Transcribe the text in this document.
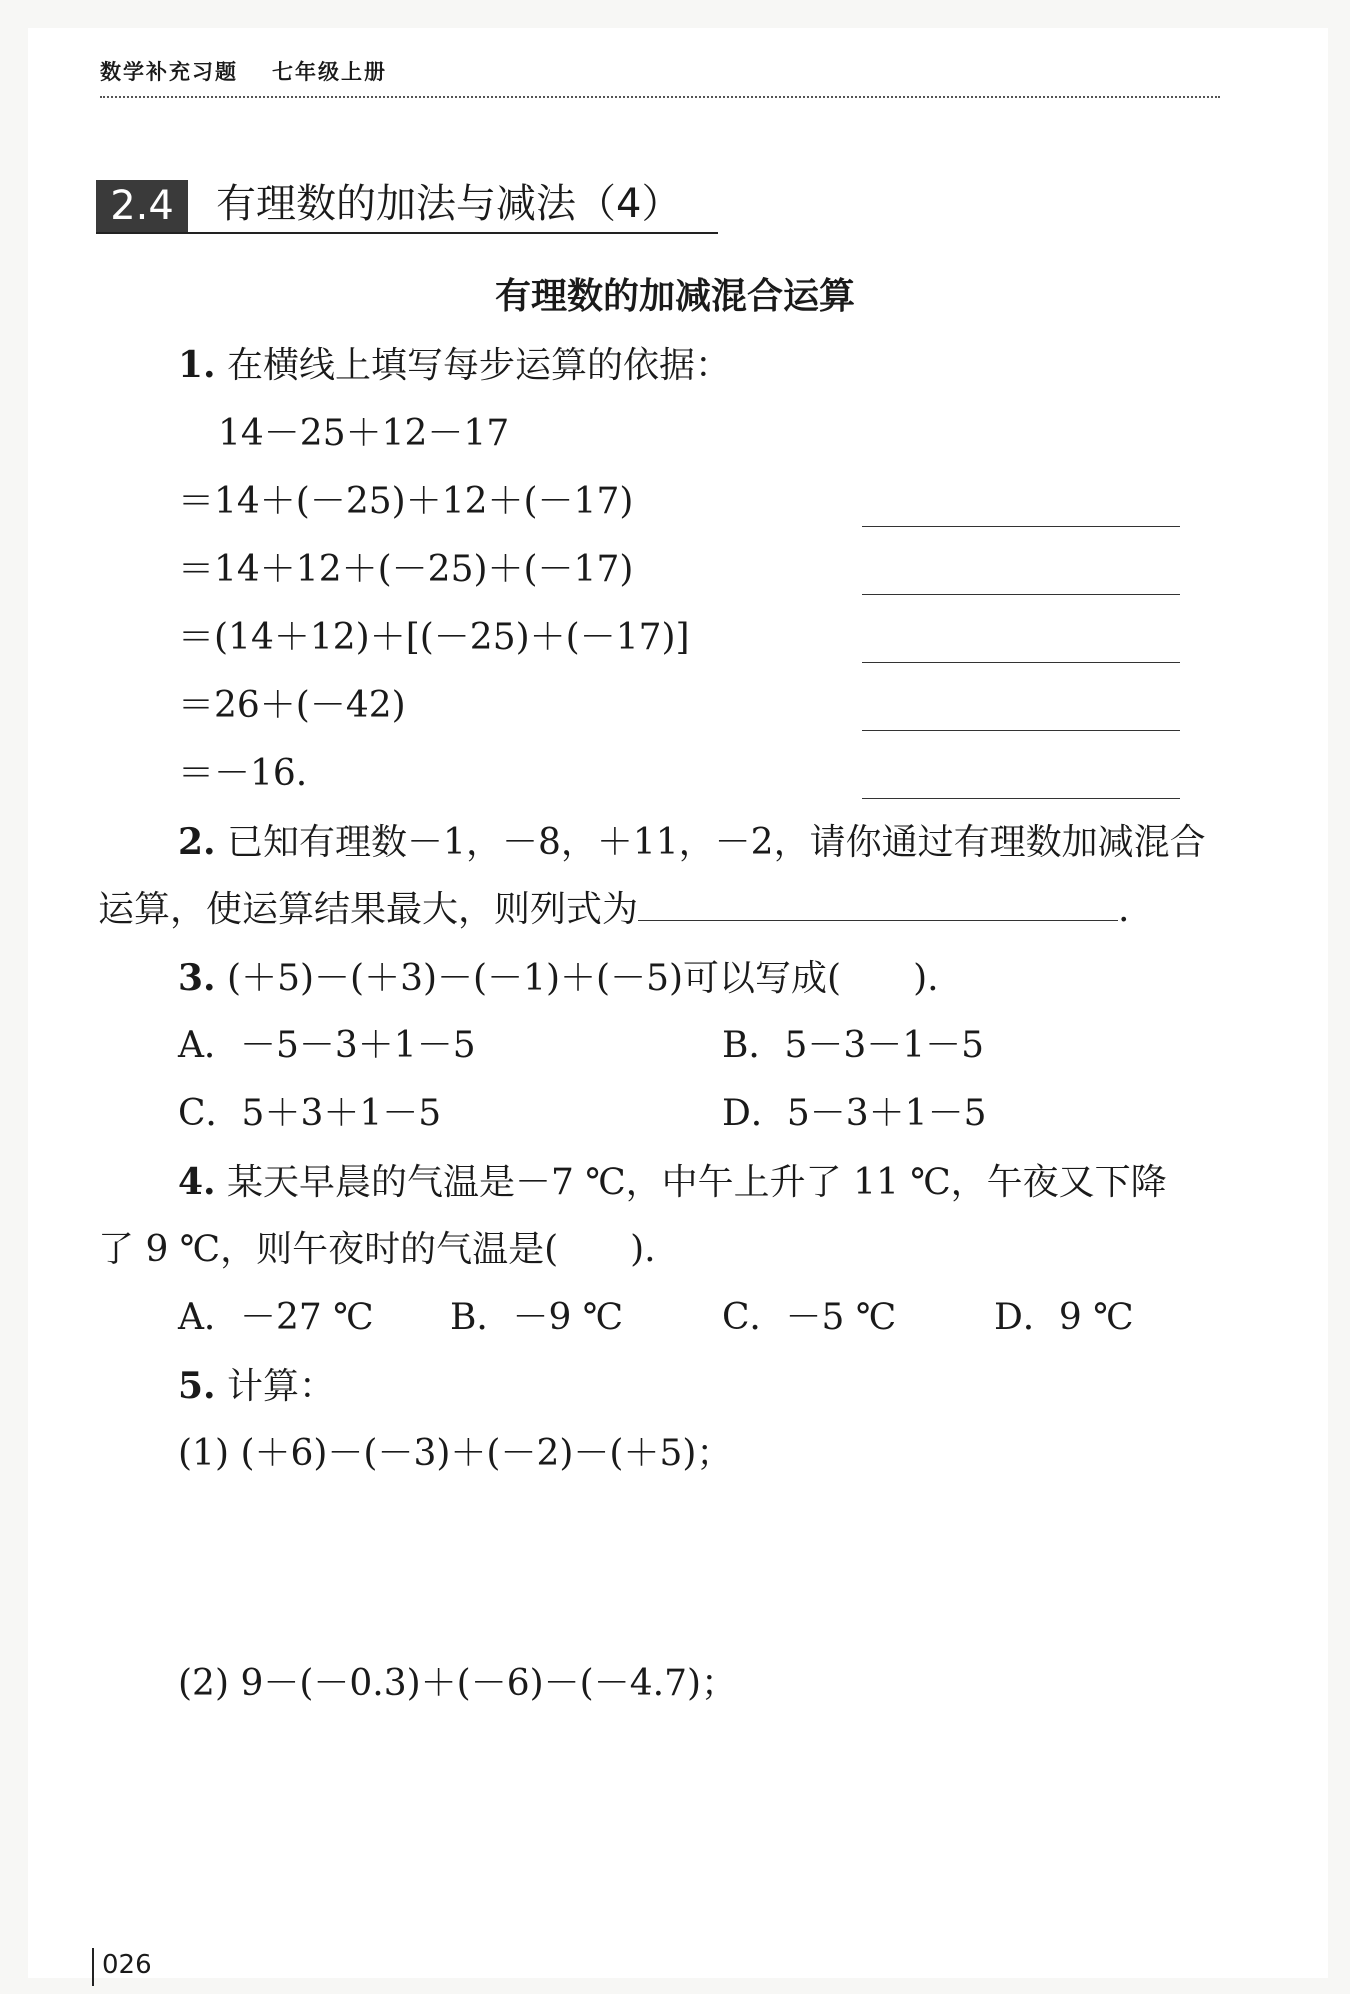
数学补充习题 七年级上册
2.4	有理数的加法与减法（4）
有理数的加减混合运算
1. 在横线上填写每步运算的依据：
14－25＋12－17
＝14＋(－25)＋12＋(－17)
＝14＋12＋(－25)＋(－17)
＝(14＋12)＋[(－25)＋(－17)]
＝26＋(－42)
＝－16.
2. 已知有理数－1，－8，＋11，－2，请你通过有理数加减混合
运算，使运算结果最大，则列式为	.
3. (＋5)－(＋3)－(－1)＋(－5)可以写成(　　).
A．－5－3＋1－5	B．5－3－1－5
C．5＋3＋1－5	D．5－3＋1－5
4. 某天早晨的气温是－7 ℃，中午上升了 11 ℃，午夜又下降
了 9 ℃，则午夜时的气温是(　　).
A．－27 ℃ B．－9 ℃	C．－5 ℃	D．9 ℃
5. 计算：
(1) (＋6)－(－3)＋(－2)－(＋5)；
(2) 9－(－0.3)＋(－6)－(－4.7)；
026
